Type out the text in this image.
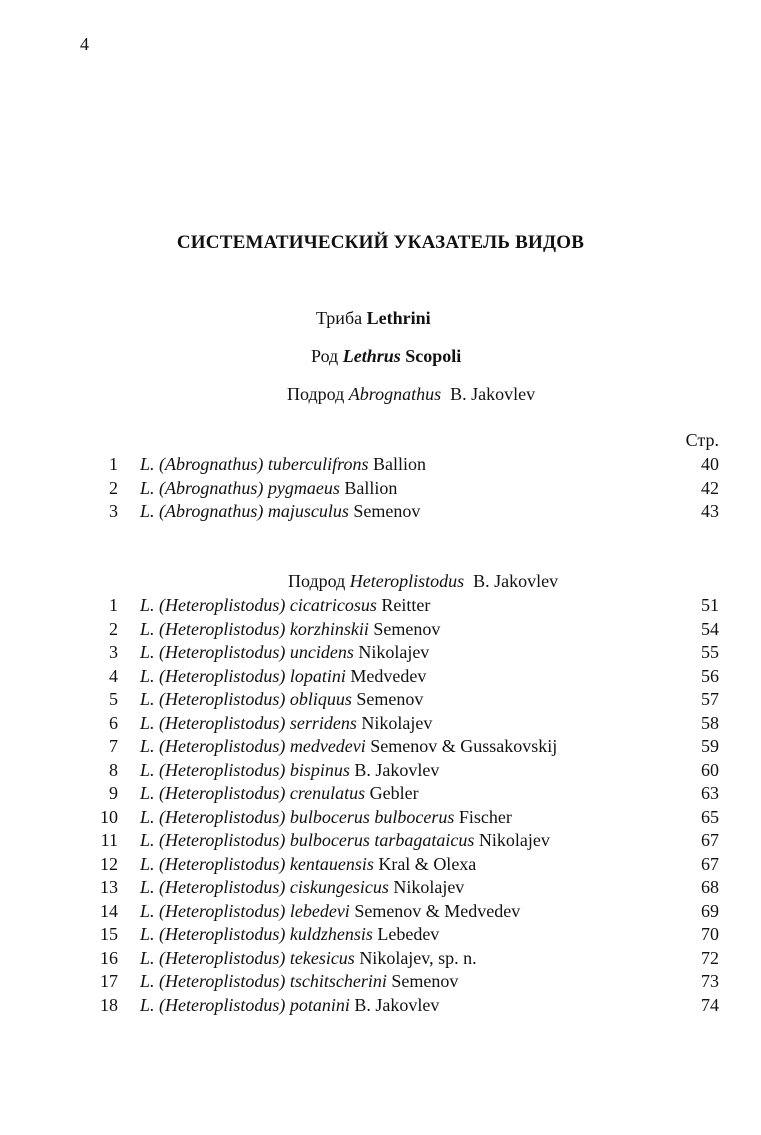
4
СИСТЕМАТИЧЕСКИЙ УКАЗАТЕЛЬ ВИДОВ
Триба Lethrini
Род Lethrus Scopoli
Подрод Abrognathus B. Jakovlev
Стр.
1 L. (Abrognathus) tuberculifrons Ballion	40
2 L. (Abrognathus) pygmaeus Ballion	42
3 L. (Abrognathus) majusculus Semenov	43
Подрод Heteroplistodus B. Jakovlev
1 L. (Heteroplistodus) cicatricosus Reitter	51
2 L. (Heteroplistodus) korzhinskii Semenov	54
3 L. (Heteroplistodus) uncidens Nikolajev	55
4 L. (Heteroplistodus) lopatini Medvedev	56
5 L. (Heteroplistodus) obliquus Semenov	57
6 L. (Heteroplistodus) serridens Nikolajev	58
7 L. (Heteroplistodus) medvedevi Semenov & Gussakovskij	59
8 L. (Heteroplistodus) bispinus B. Jakovlev	60
9 L. (Heteroplistodus) crenulatus Gebler	63
10 L. (Heteroplistodus) bulbocerus bulbocerus Fischer	65
11 L. (Heteroplistodus) bulbocerus tarbagataicus Nikolajev	67
12 L. (Heteroplistodus) kentauensis Kral & Olexa	67
13 L. (Heteroplistodus) ciskungesicus Nikolajev	68
14 L. (Heteroplistodus) lebedevi Semenov & Medvedev	69
15 L. (Heteroplistodus) kuldzhensis Lebedev	70
16 L. (Heteroplistodus) tekesicus Nikolajev, sp. n.	72
17 L. (Heteroplistodus) tschitscherini Semenov	73
18 L. (Heteroplistodus) potanini B. Jakovlev	74
